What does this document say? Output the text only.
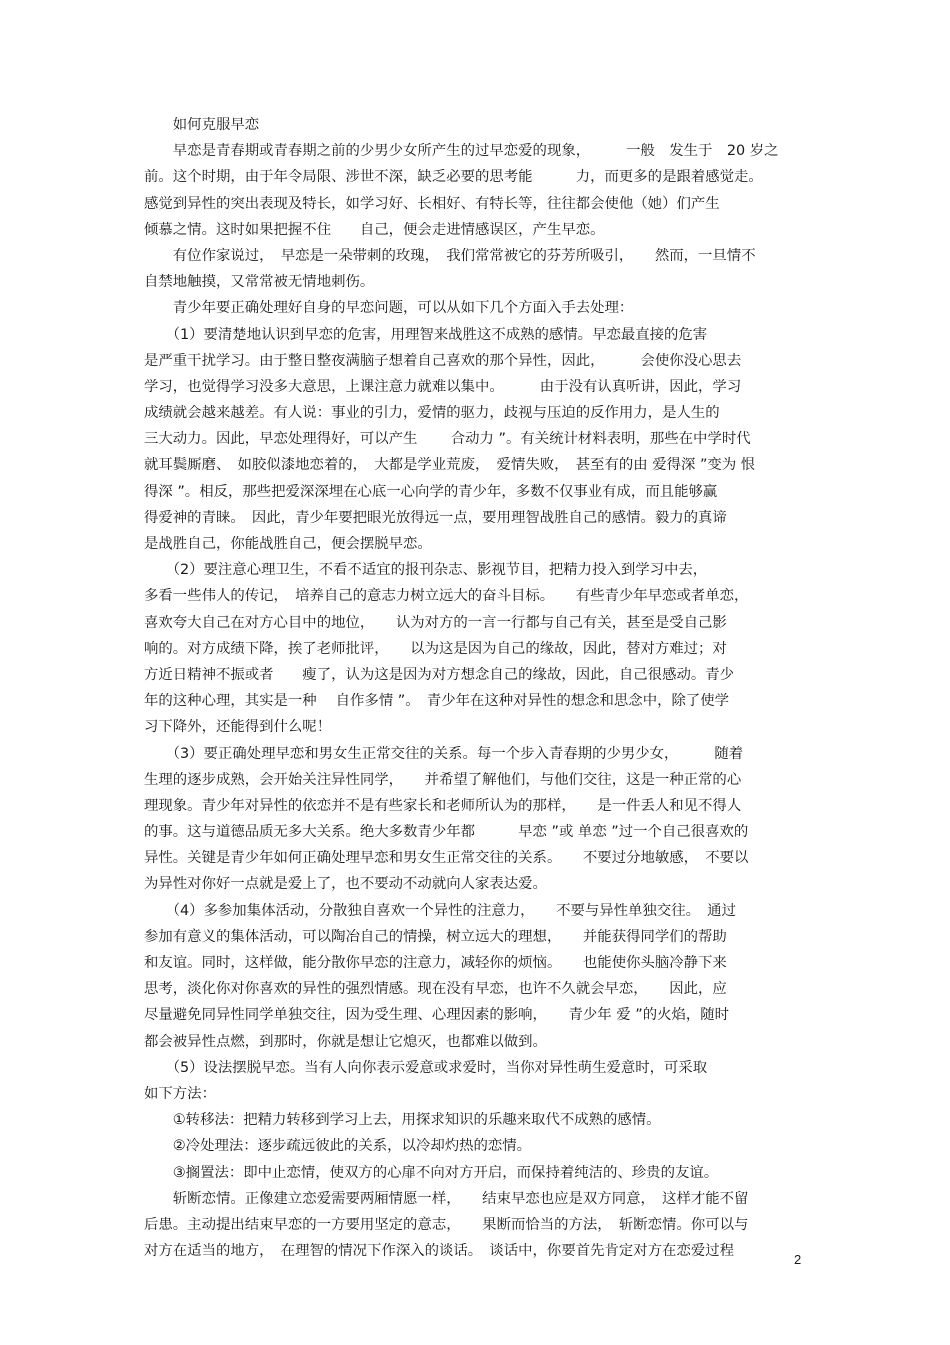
　　如何克服早恋
　　早恋是青春期或青春期之前的少男少女所产生的过早恋爱的现象，　　　一般　发生于　20 岁之
前。这个时期，由于年令局限、涉世不深，缺乏必要的思考能　　　力，而更多的是跟着感觉走。
感觉到异性的突出表现及特长，如学习好、长相好、有特长等，往往都会使他（她）们产生
倾慕之情。这时如果把握不住　　自己，便会走进情感误区，产生早恋。
　　有位作家说过，　早恋是一朵带刺的玫瑰，　我们常常被它的芬芳所吸引，　　然而，一旦情不
自禁地触摸，又常常被无情地刺伤。
　　青少年要正确处理好自身的早恋问题，可以从如下几个方面入手去处理：
　　（1）要清楚地认识到早恋的危害，用理智来战胜这不成熟的感情。早恋最直接的危害
是严重干扰学习。由于整日整夜满脑子想着自己喜欢的那个异性，因此，　　　会使你没心思去
学习，也觉得学习没多大意思，上课注意力就难以集中。　　　由于没有认真听讲，因此，学习
成绩就会越来越差。有人说：事业的引力，爱情的驱力，歧视与压迫的反作用力，是人生的
三大动力。因此，早恋处理得好，可以产生　　 合动力 ”。有关统计材料表明，那些在中学时代
就耳鬓厮磨、　如胶似漆地恋着的，　大都是学业荒废，　爱情失败，　甚至有的由 爱得深 ”变为 恨
得深 ”。相反，那些把爱深深埋在心底一心向学的青少年，多数不仅事业有成，而且能够赢
得爱神的青睐。　因此，青少年要把眼光放得远一点，要用理智战胜自己的感情。毅力的真谛
是战胜自己，你能战胜自己，便会摆脱早恋。
　　（2）要注意心理卫生，不看不适宜的报刊杂志、影视节目，把精力投入到学习中去，
多看一些伟人的传记，　培养自己的意志力树立远大的奋斗目标。　　有些青少年早恋或者单恋，
喜欢夸大自己在对方心目中的地位，　　认为对方的一言一行都与自己有关，甚至是受自己影
响的。对方成绩下降，挨了老师批评，　　以为这是因为自己的缘故，因此，替对方难过；对
方近日精神不振或者　　瘦了，认为这是因为对方想念自己的缘故，因此，自己很感动。青少
年的这种心理，其实是一种　 自作多情 ”。　青少年在这种对异性的想念和思念中，除了使学
习下降外，还能得到什么呢！
　　（3）要正确处理早恋和男女生正常交往的关系。每一个步入青春期的少男少女，　　　随着
生理的逐步成熟，会开始关注异性同学，　　并希望了解他们，与他们交往，这是一种正常的心
理现象。青少年对异性的依恋并不是有些家长和老师所认为的那样，　　是一件丢人和见不得人
的事。这与道德品质无多大关系。绝大多数青少年都　　　早恋 ”或 单恋 ”过一个自己很喜欢的
异性。关键是青少年如何正确处理早恋和男女生正常交往的关系。　　不要过分地敏感，　不要以
为异性对你好一点就是爱上了，也不要动不动就向人家表达爱。
　　（4）多参加集体活动，分散独自喜欢一个异性的注意力，　　不要与异性单独交往。　通过
参加有意义的集体活动，可以陶冶自己的情操，树立远大的理想，　　并能获得同学们的帮助
和友谊。同时，这样做，能分散你早恋的注意力，减轻你的烦恼。　　也能使你头脑冷静下来
思考，淡化你对你喜欢的异性的强烈情感。现在没有早恋，也许不久就会早恋，　　因此，应
尽量避免同异性同学单独交往，因为受生理、心理因素的影响，　　青少年 爱 ”的火焰，随时
都会被异性点燃，到那时，你就是想让它熄灭，也都难以做到。
　　（5）设法摆脱早恋。当有人向你表示爱意或求爱时，当你对异性萌生爱意时，可采取
如下方法：
　　①转移法：把精力转移到学习上去，用探求知识的乐趣来取代不成熟的感情。
　　②冷处理法：逐步疏远彼此的关系，以冷却灼热的恋情。
　　③搁置法：即中止恋情，使双方的心扉不向对方开启，而保持着纯洁的、珍贵的友谊。
　　斩断恋情。正像建立恋爱需要两厢情愿一样，　　结束早恋也应是双方同意，　这样才能不留
后患。主动提出结束早恋的一方要用坚定的意志，　　果断而恰当的方法，　斩断恋情。你可以与
对方在适当的地方，　在理智的情况下作深入的谈话。　谈话中，你要首先肯定对方在恋爱过程
2
